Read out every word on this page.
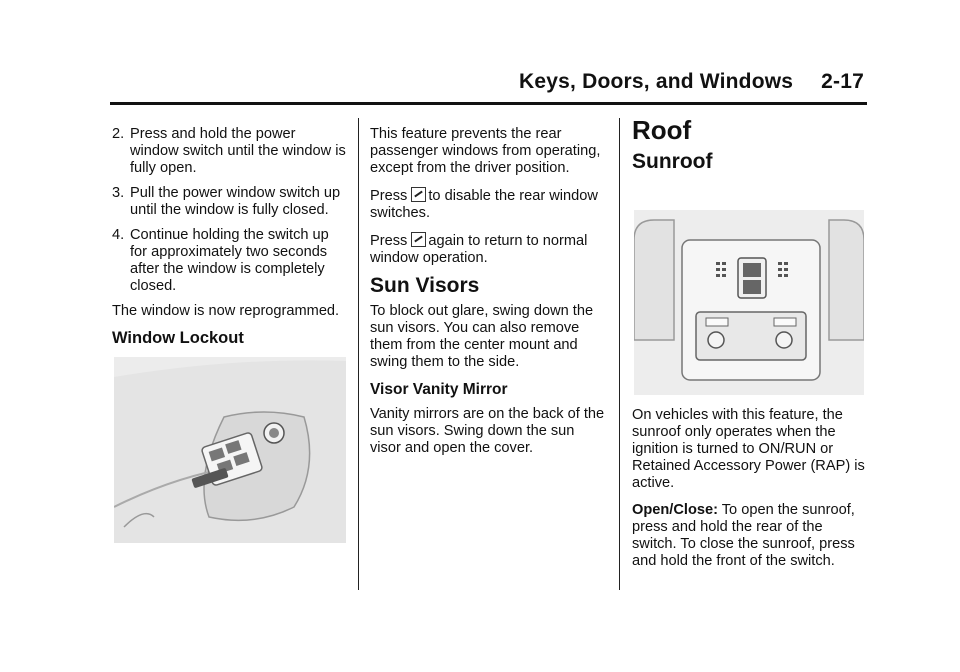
Keys, Doors, and Windows 2-17
2. Press and hold the power window switch until the window is fully open.
3. Pull the power window switch up until the window is fully closed.
4. Continue holding the switch up for approximately two seconds after the window is completely closed.

The window is now reprogrammed.

Window Lockout

This feature prevents the rear passenger windows from operating, except from the driver position.

Press to disable the rear window switches.

Press again to return to normal window operation.

Sun Visors

To block out glare, swing down the sun visors. You can also remove them from the center mount and swing them to the side.

Visor Vanity Mirror

Vanity mirrors are on the back of the sun visors. Swing down the sun visor and open the cover.

Roof
Sunroof

On vehicles with this feature, the sunroof only operates when the ignition is turned to ON/RUN or Retained Accessory Power (RAP) is active.

Open/Close: To open the sunroof, press and hold the rear of the switch. To close the sunroof, press and hold the front of the switch.
